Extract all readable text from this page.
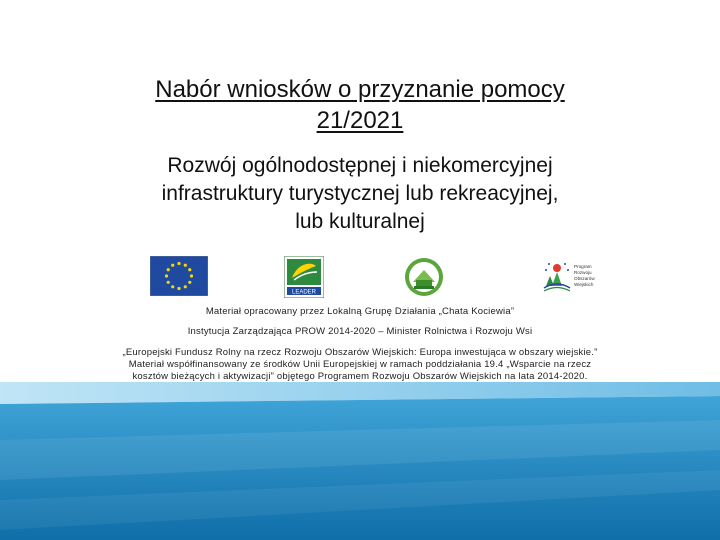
Nabór wniosków o przyznanie pomocy
21/2021
Rozwój ogólnodostępnej i niekomercyjnej
infrastruktury turystycznej lub rekreacyjnej,
lub kulturalnej
LEADER
Program
Rozwoju
Obszarów
Wiejskich
Materiał opracowany przez Lokalną Grupę Działania „Chata Kociewia”
Instytucja Zarządzająca PROW 2014-2020 – Minister Rolnictwa i Rozwoju Wsi
„Europejski Fundusz Rolny na rzecz Rozwoju Obszarów Wiejskich: Europa inwestująca w obszary wiejskie.”
Materiał współfinansowany ze środków Unii Europejskiej w ramach poddziałania 19.4 „Wsparcie na rzecz
kosztów bieżących i aktywizacji” objętego Programem Rozwoju Obszarów Wiejskich na lata 2014-2020.
